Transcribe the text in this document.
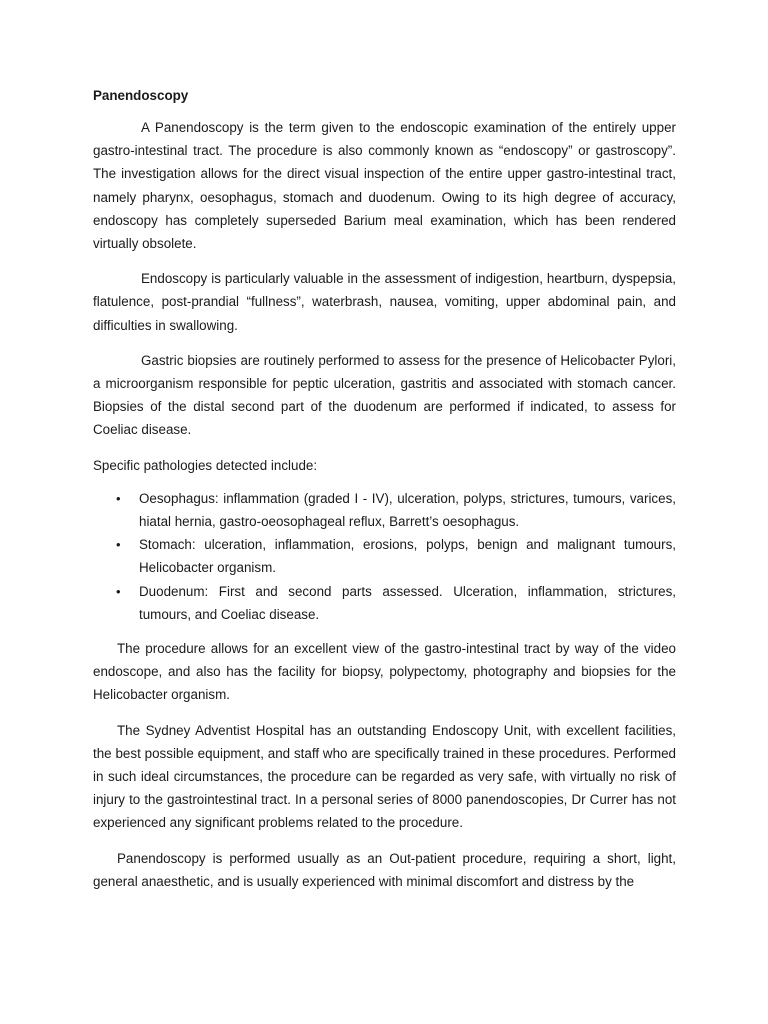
Panendoscopy

A Panendoscopy is the term given to the endoscopic examination of the entirely upper gastro-intestinal tract. The procedure is also commonly known as “endoscopy” or gastroscopy”. The investigation allows for the direct visual inspection of the entire upper gastro-intestinal tract, namely pharynx, oesophagus, stomach and duodenum. Owing to its high degree of accuracy, endoscopy has completely superseded Barium meal examination, which has been rendered virtually obsolete.

Endoscopy is particularly valuable in the assessment of indigestion, heartburn, dyspepsia, flatulence, post-prandial “fullness”, waterbrash, nausea, vomiting, upper abdominal pain, and difficulties in swallowing.

Gastric biopsies are routinely performed to assess for the presence of Helicobacter Pylori, a microorganism responsible for peptic ulceration, gastritis and associated with stomach cancer. Biopsies of the distal second part of the duodenum are performed if indicated, to assess for Coeliac disease.

Specific pathologies detected include:

• Oesophagus: inflammation (graded I - IV), ulceration, polyps, strictures, tumours, varices, hiatal hernia, gastro-oeosophageal reflux, Barrett’s oesophagus.
• Stomach: ulceration, inflammation, erosions, polyps, benign and malignant tumours, Helicobacter organism.
• Duodenum: First and second parts assessed. Ulceration, inflammation, strictures, tumours, and Coeliac disease.

The procedure allows for an excellent view of the gastro-intestinal tract by way of the video endoscope, and also has the facility for biopsy, polypectomy, photography and biopsies for the Helicobacter organism.

The Sydney Adventist Hospital has an outstanding Endoscopy Unit, with excellent facilities, the best possible equipment, and staff who are specifically trained in these procedures. Performed in such ideal circumstances, the procedure can be regarded as very safe, with virtually no risk of injury to the gastrointestinal tract. In a personal series of 8000 panendoscopies, Dr Currer has not experienced any significant problems related to the procedure.

Panendoscopy is performed usually as an Out-patient procedure, requiring a short, light, general anaesthetic, and is usually experienced with minimal discomfort and distress by the
